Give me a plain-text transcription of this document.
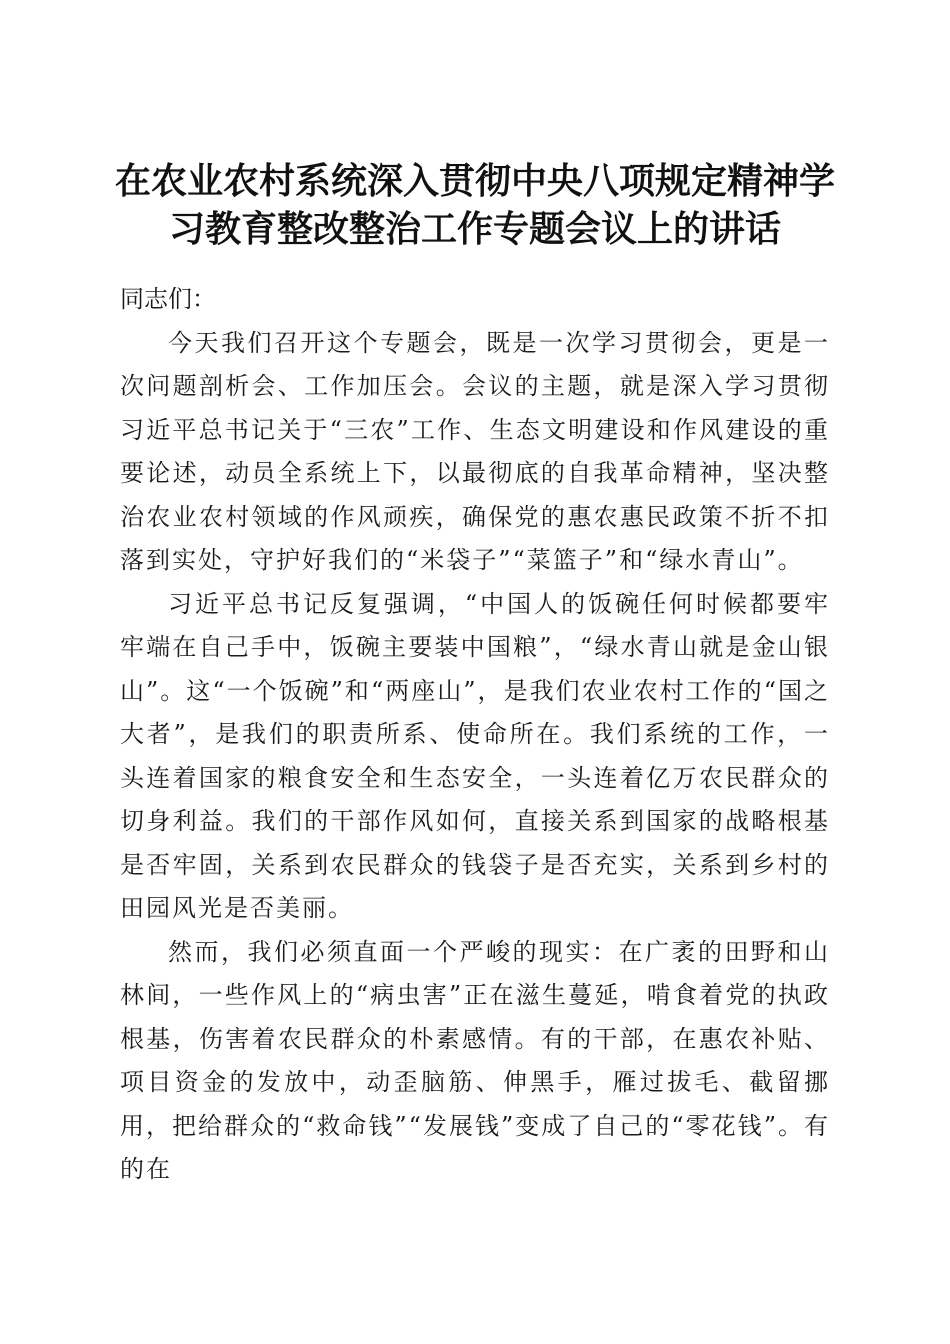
在农业农村系统深入贯彻中央八项规定精神学
习教育整改整治工作专题会议上的讲话

同志们：

今天我们召开这个专题会，既是一次学习贯彻会，更是一次问题剖析会、工作加压会。会议的主题，就是深入学习贯彻习近平总书记关于“三农”工作、生态文明建设和作风建设的重要论述，动员全系统上下，以最彻底的自我革命精神，坚决整治农业农村领域的作风顽疾，确保党的惠农惠民政策不折不扣落到实处，守护好我们的“米袋子”“菜篮子”和“绿水青山”。

习近平总书记反复强调，“中国人的饭碗任何时候都要牢牢端在自己手中，饭碗主要装中国粮”，“绿水青山就是金山银山”。这“一个饭碗”和“两座山”，是我们农业农村工作的“国之大者”，是我们的职责所系、使命所在。我们系统的工作，一头连着国家的粮食安全和生态安全，一头连着亿万农民群众的切身利益。我们的干部作风如何，直接关系到国家的战略根基是否牢固，关系到农民群众的钱袋子是否充实，关系到乡村的田园风光是否美丽。

然而，我们必须直面一个严峻的现实：在广袤的田野和山林间，一些作风上的“病虫害”正在滋生蔓延，啃食着党的执政根基，伤害着农民群众的朴素感情。有的干部，在惠农补贴、项目资金的发放中，动歪脑筋、伸黑手，雁过拔毛、截留挪用，把给群众的“救命钱”“发展钱”变成了自己的“零花钱”。有的在
